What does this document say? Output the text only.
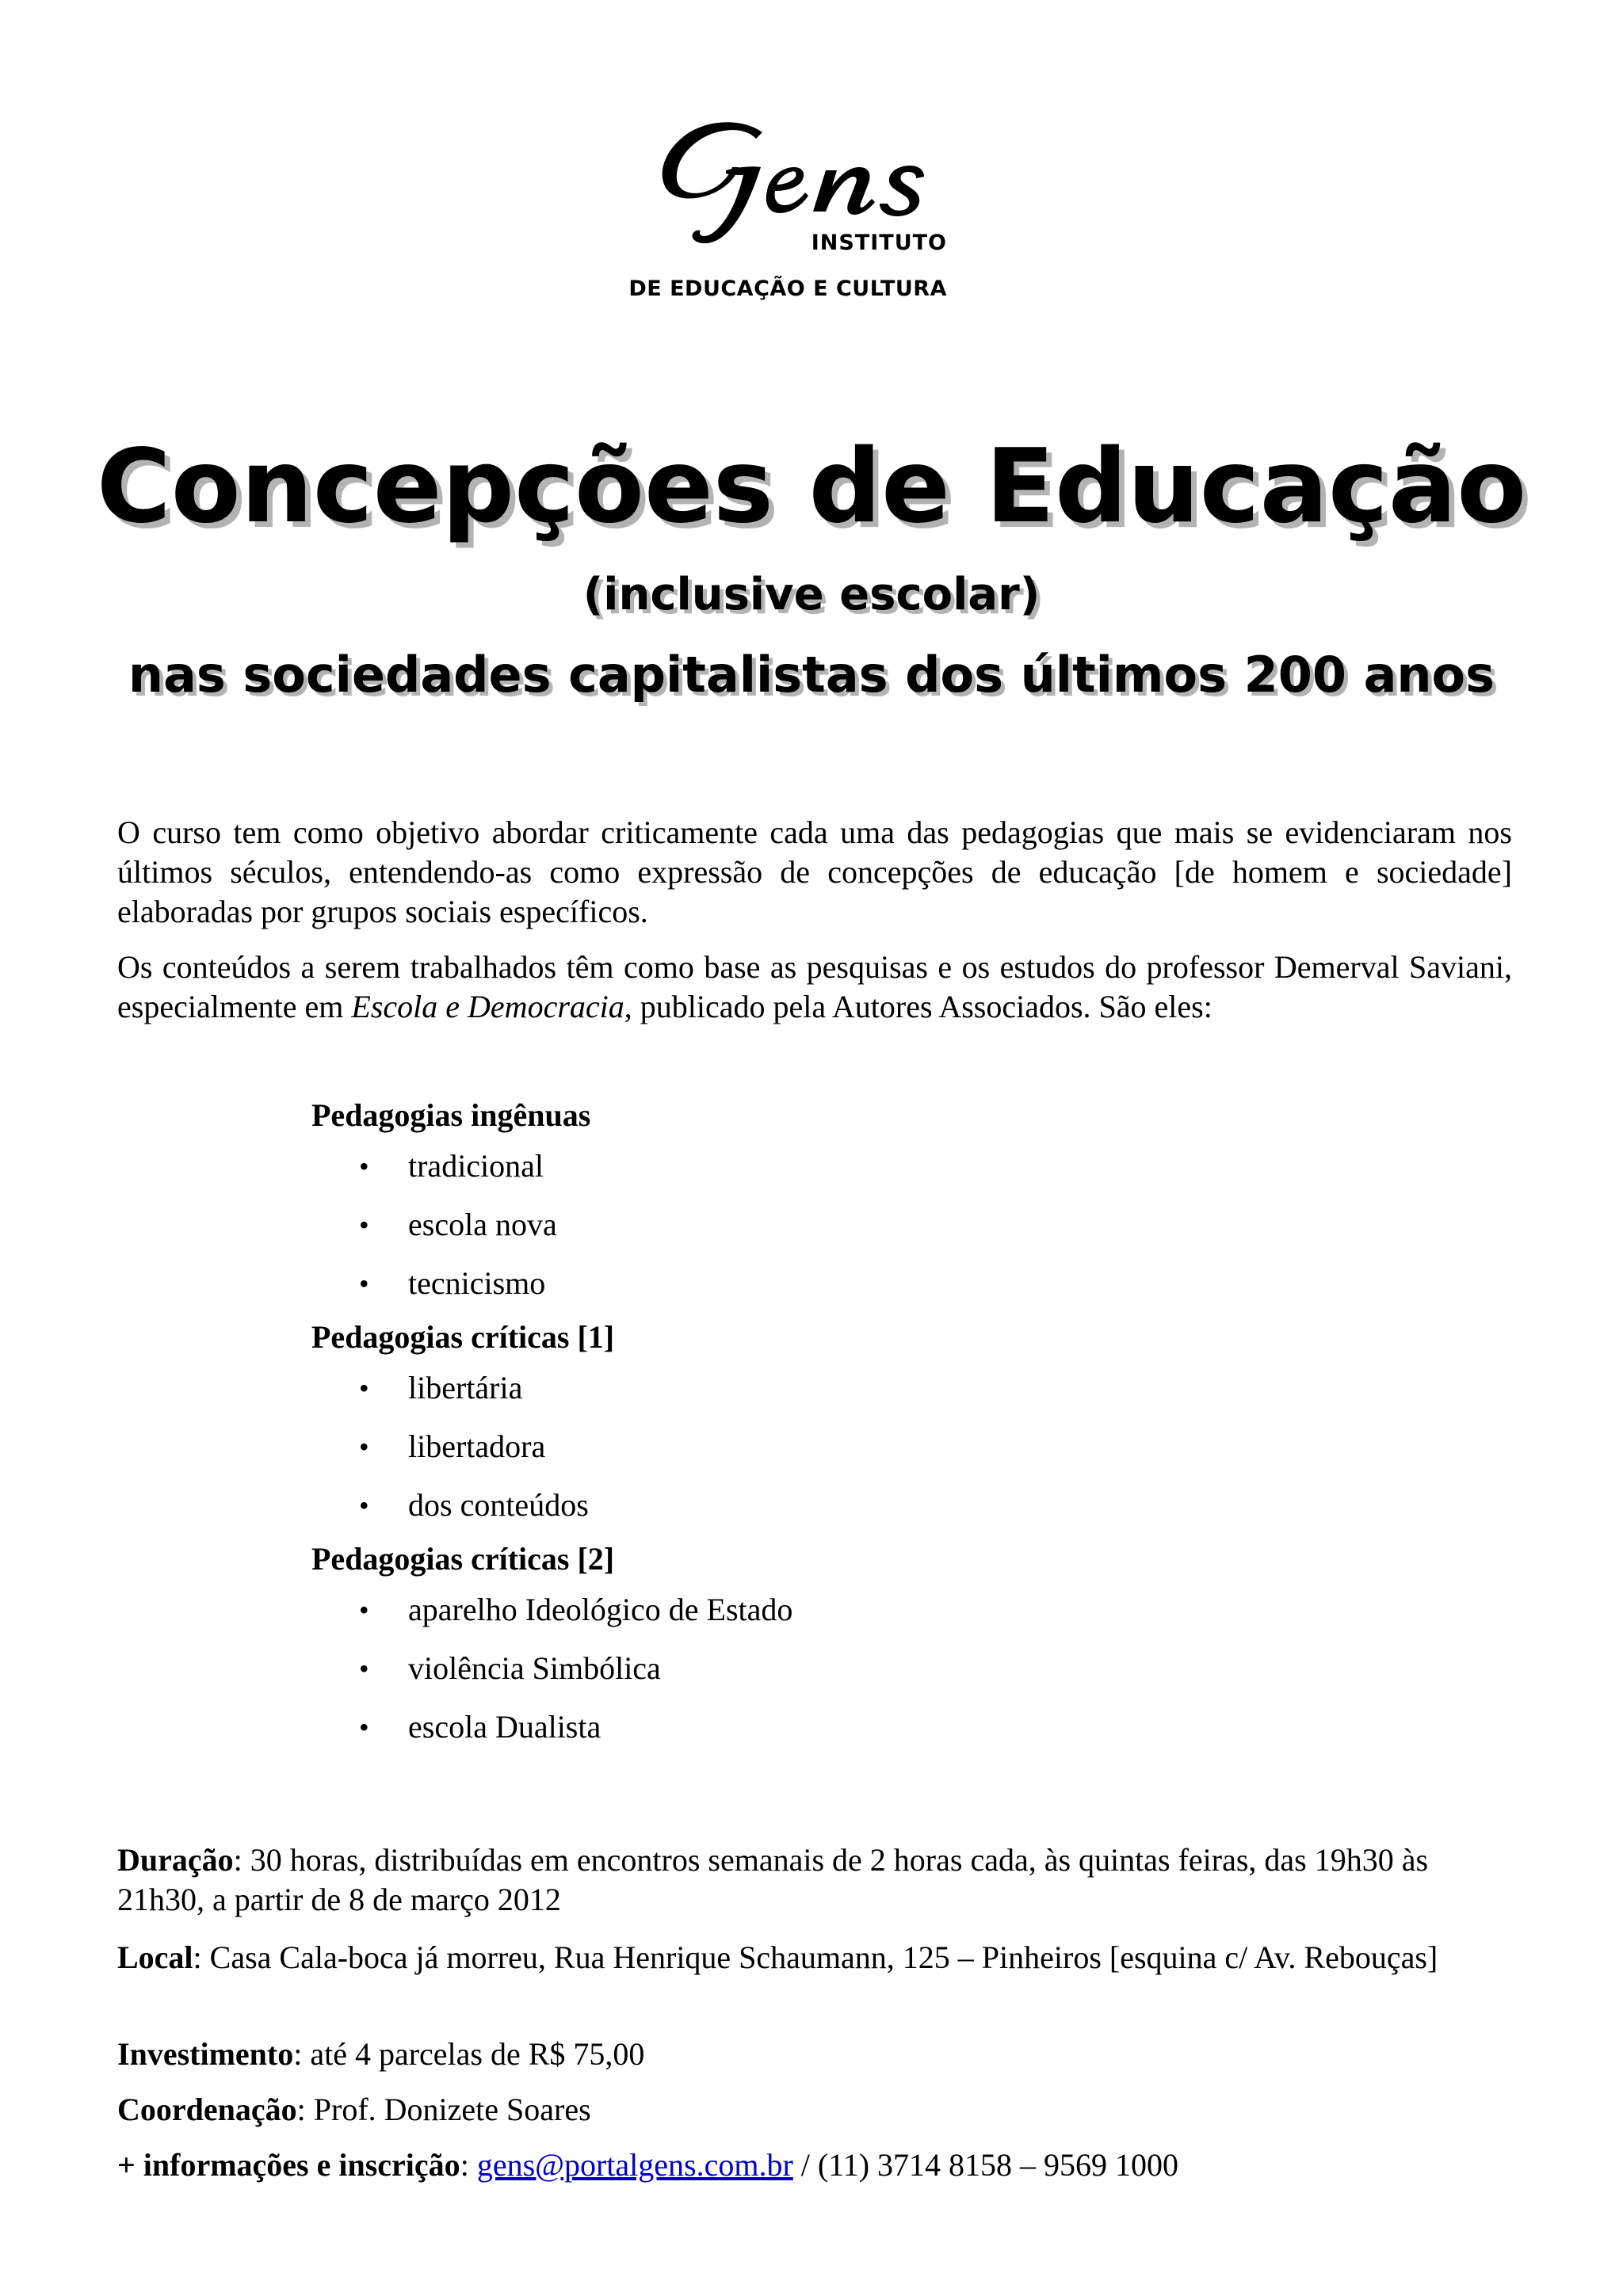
INSTITUTO
DE EDUCAÇÃO E CULTURA
Concepções de Educação
(inclusive escolar)
nas sociedades capitalistas dos últimos 200 anos
O curso tem como objetivo abordar criticamente cada uma das pedagogias que mais se evidenciaram nos últimos séculos, entendendo-as como expressão de concepções de educação [de homem e sociedade] elaboradas por grupos sociais específicos.
Os conteúdos a serem trabalhados têm como base as pesquisas e os estudos do professor Demerval Saviani, especialmente em Escola e Democracia, publicado pela Autores Associados. São eles:
Pedagogias ingênuas
• tradicional
• escola nova
• tecnicismo
Pedagogias críticas [1]
• libertária
• libertadora
• dos conteúdos
Pedagogias críticas [2]
• aparelho Ideológico de Estado
• violência Simbólica
• escola Dualista
Duração: 30 horas, distribuídas em encontros semanais de 2 horas cada, às quintas feiras, das 19h30 às 21h30, a partir de 8 de março 2012
Local: Casa Cala-boca já morreu, Rua Henrique Schaumann, 125 – Pinheiros [esquina c/ Av. Rebouças]
Investimento: até 4 parcelas de R$ 75,00
Coordenação: Prof. Donizete Soares
+ informações e inscrição: gens@portalgens.com.br / (11) 3714 8158 – 9569 1000
